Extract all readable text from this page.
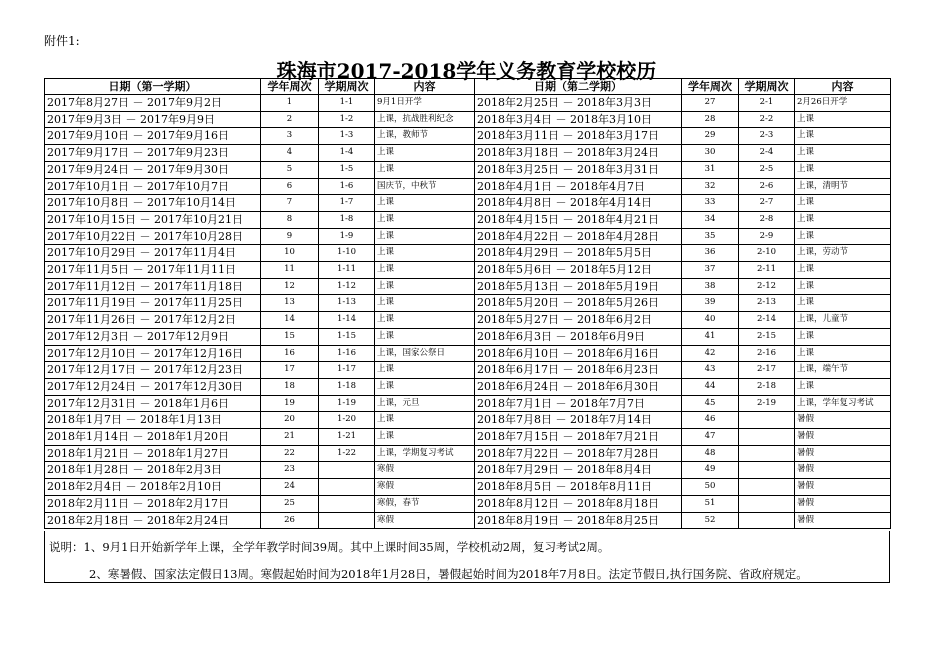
附件1:
珠海市2017-2018学年义务教育学校校历
日期（第一学期）	学年周次	学期周次	内容	日期（第二学期）	学年周次	学期周次	内容
2017年8月27日 － 2017年9月2日	1	1-1	9月1日开学	2018年2月25日 － 2018年3月3日	27	2-1	2月26日开学
2017年9月3日 － 2017年9月9日	2	1-2	上课，抗战胜利纪念	2018年3月4日 － 2018年3月10日	28	2-2	上课
2017年9月10日 － 2017年9月16日	3	1-3	上课，教师节	2018年3月11日 － 2018年3月17日	29	2-3	上课
2017年9月17日 － 2017年9月23日	4	1-4	上课	2018年3月18日 － 2018年3月24日	30	2-4	上课
2017年9月24日 － 2017年9月30日	5	1-5	上课	2018年3月25日 － 2018年3月31日	31	2-5	上课
2017年10月1日 － 2017年10月7日	6	1-6	国庆节，中秋节	2018年4月1日 － 2018年4月7日	32	2-6	上课，清明节
2017年10月8日 － 2017年10月14日	7	1-7	上课	2018年4月8日 － 2018年4月14日	33	2-7	上课
2017年10月15日 － 2017年10月21日	8	1-8	上课	2018年4月15日 － 2018年4月21日	34	2-8	上课
2017年10月22日 － 2017年10月28日	9	1-9	上课	2018年4月22日 － 2018年4月28日	35	2-9	上课
2017年10月29日 － 2017年11月4日	10	1-10	上课	2018年4月29日 － 2018年5月5日	36	2-10	上课，劳动节
2017年11月5日 － 2017年11月11日	11	1-11	上课	2018年5月6日 － 2018年5月12日	37	2-11	上课
2017年11月12日 － 2017年11月18日	12	1-12	上课	2018年5月13日 － 2018年5月19日	38	2-12	上课
2017年11月19日 － 2017年11月25日	13	1-13	上课	2018年5月20日 － 2018年5月26日	39	2-13	上课
2017年11月26日 － 2017年12月2日	14	1-14	上课	2018年5月27日 － 2018年6月2日	40	2-14	上课，儿童节
2017年12月3日 － 2017年12月9日	15	1-15	上课	2018年6月3日 － 2018年6月9日	41	2-15	上课
2017年12月10日 － 2017年12月16日	16	1-16	上课，国家公祭日	2018年6月10日 － 2018年6月16日	42	2-16	上课
2017年12月17日 － 2017年12月23日	17	1-17	上课	2018年6月17日 － 2018年6月23日	43	2-17	上课，端午节
2017年12月24日 － 2017年12月30日	18	1-18	上课	2018年6月24日 － 2018年6月30日	44	2-18	上课
2017年12月31日 － 2018年1月6日	19	1-19	上课，元旦	2018年7月1日 － 2018年7月7日	45	2-19	上课，学年复习考试
2018年1月7日 － 2018年1月13日	20	1-20	上课	2018年7月8日 － 2018年7月14日	46		暑假
2018年1月14日 － 2018年1月20日	21	1-21	上课	2018年7月15日 － 2018年7月21日	47		暑假
2018年1月21日 － 2018年1月27日	22	1-22	上课，学期复习考试	2018年7月22日 － 2018年7月28日	48		暑假
2018年1月28日 － 2018年2月3日	23		寒假	2018年7月29日 － 2018年8月4日	49		暑假
2018年2月4日 － 2018年2月10日	24		寒假	2018年8月5日 － 2018年8月11日	50		暑假
2018年2月11日 － 2018年2月17日	25		寒假，春节	2018年8月12日 － 2018年8月18日	51		暑假
2018年2月18日 － 2018年2月24日	26		寒假	2018年8月19日 － 2018年8月25日	52		暑假
说明：1、9月1日开始新学年上课，全学年教学时间39周。其中上课时间35周，学校机动2周，复习考试2周。
2、寒暑假、国家法定假日13周。寒假起始时间为2018年1月28日，暑假起始时间为2018年7月8日。法定节假日,执行国务院、省政府规定。
